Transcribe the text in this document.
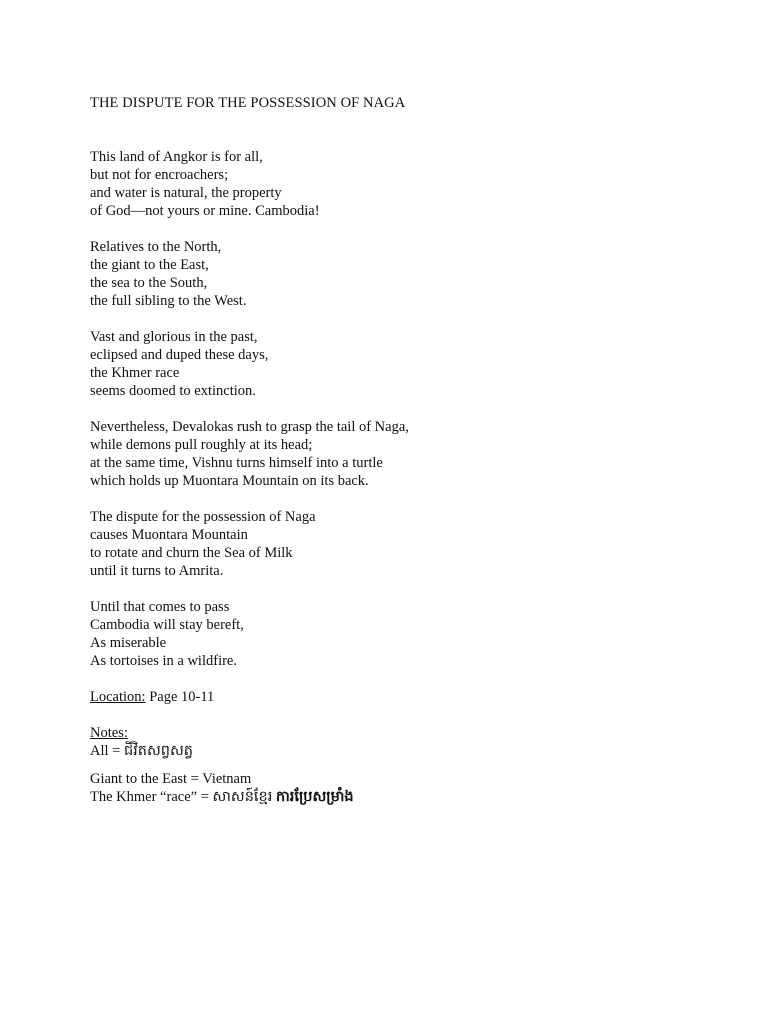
THE DISPUTE FOR THE POSSESSION OF NAGA
This land of Angkor is for all,
but not for encroachers;
and water is natural, the property
of God—not yours or mine. Cambodia!
Relatives to the North,
the giant to the East,
the sea to the South,
the full sibling to the West.
Vast and glorious in the past,
eclipsed and duped these days,
the Khmer race
seems doomed to extinction.
Nevertheless, Devalokas rush to grasp the tail of Naga,
while demons pull roughly at its head;
at the same time, Vishnu turns himself into a turtle
which holds up Muontara Mountain on its back.
The dispute for the possession of Naga
causes Muontara Mountain
to rotate and churn the Sea of Milk
until it turns to Amrita.
Until that comes to pass
Cambodia will stay bereft,
As miserable
As tortoises in a wildfire.
Location: Page 10-11
Notes:
All = ជីវិតសព្វសត្វ
Giant to the East = Vietnam
The Khmer “race” = សាសន៍ខ្មែរ ការប្រែសម្រាំង
